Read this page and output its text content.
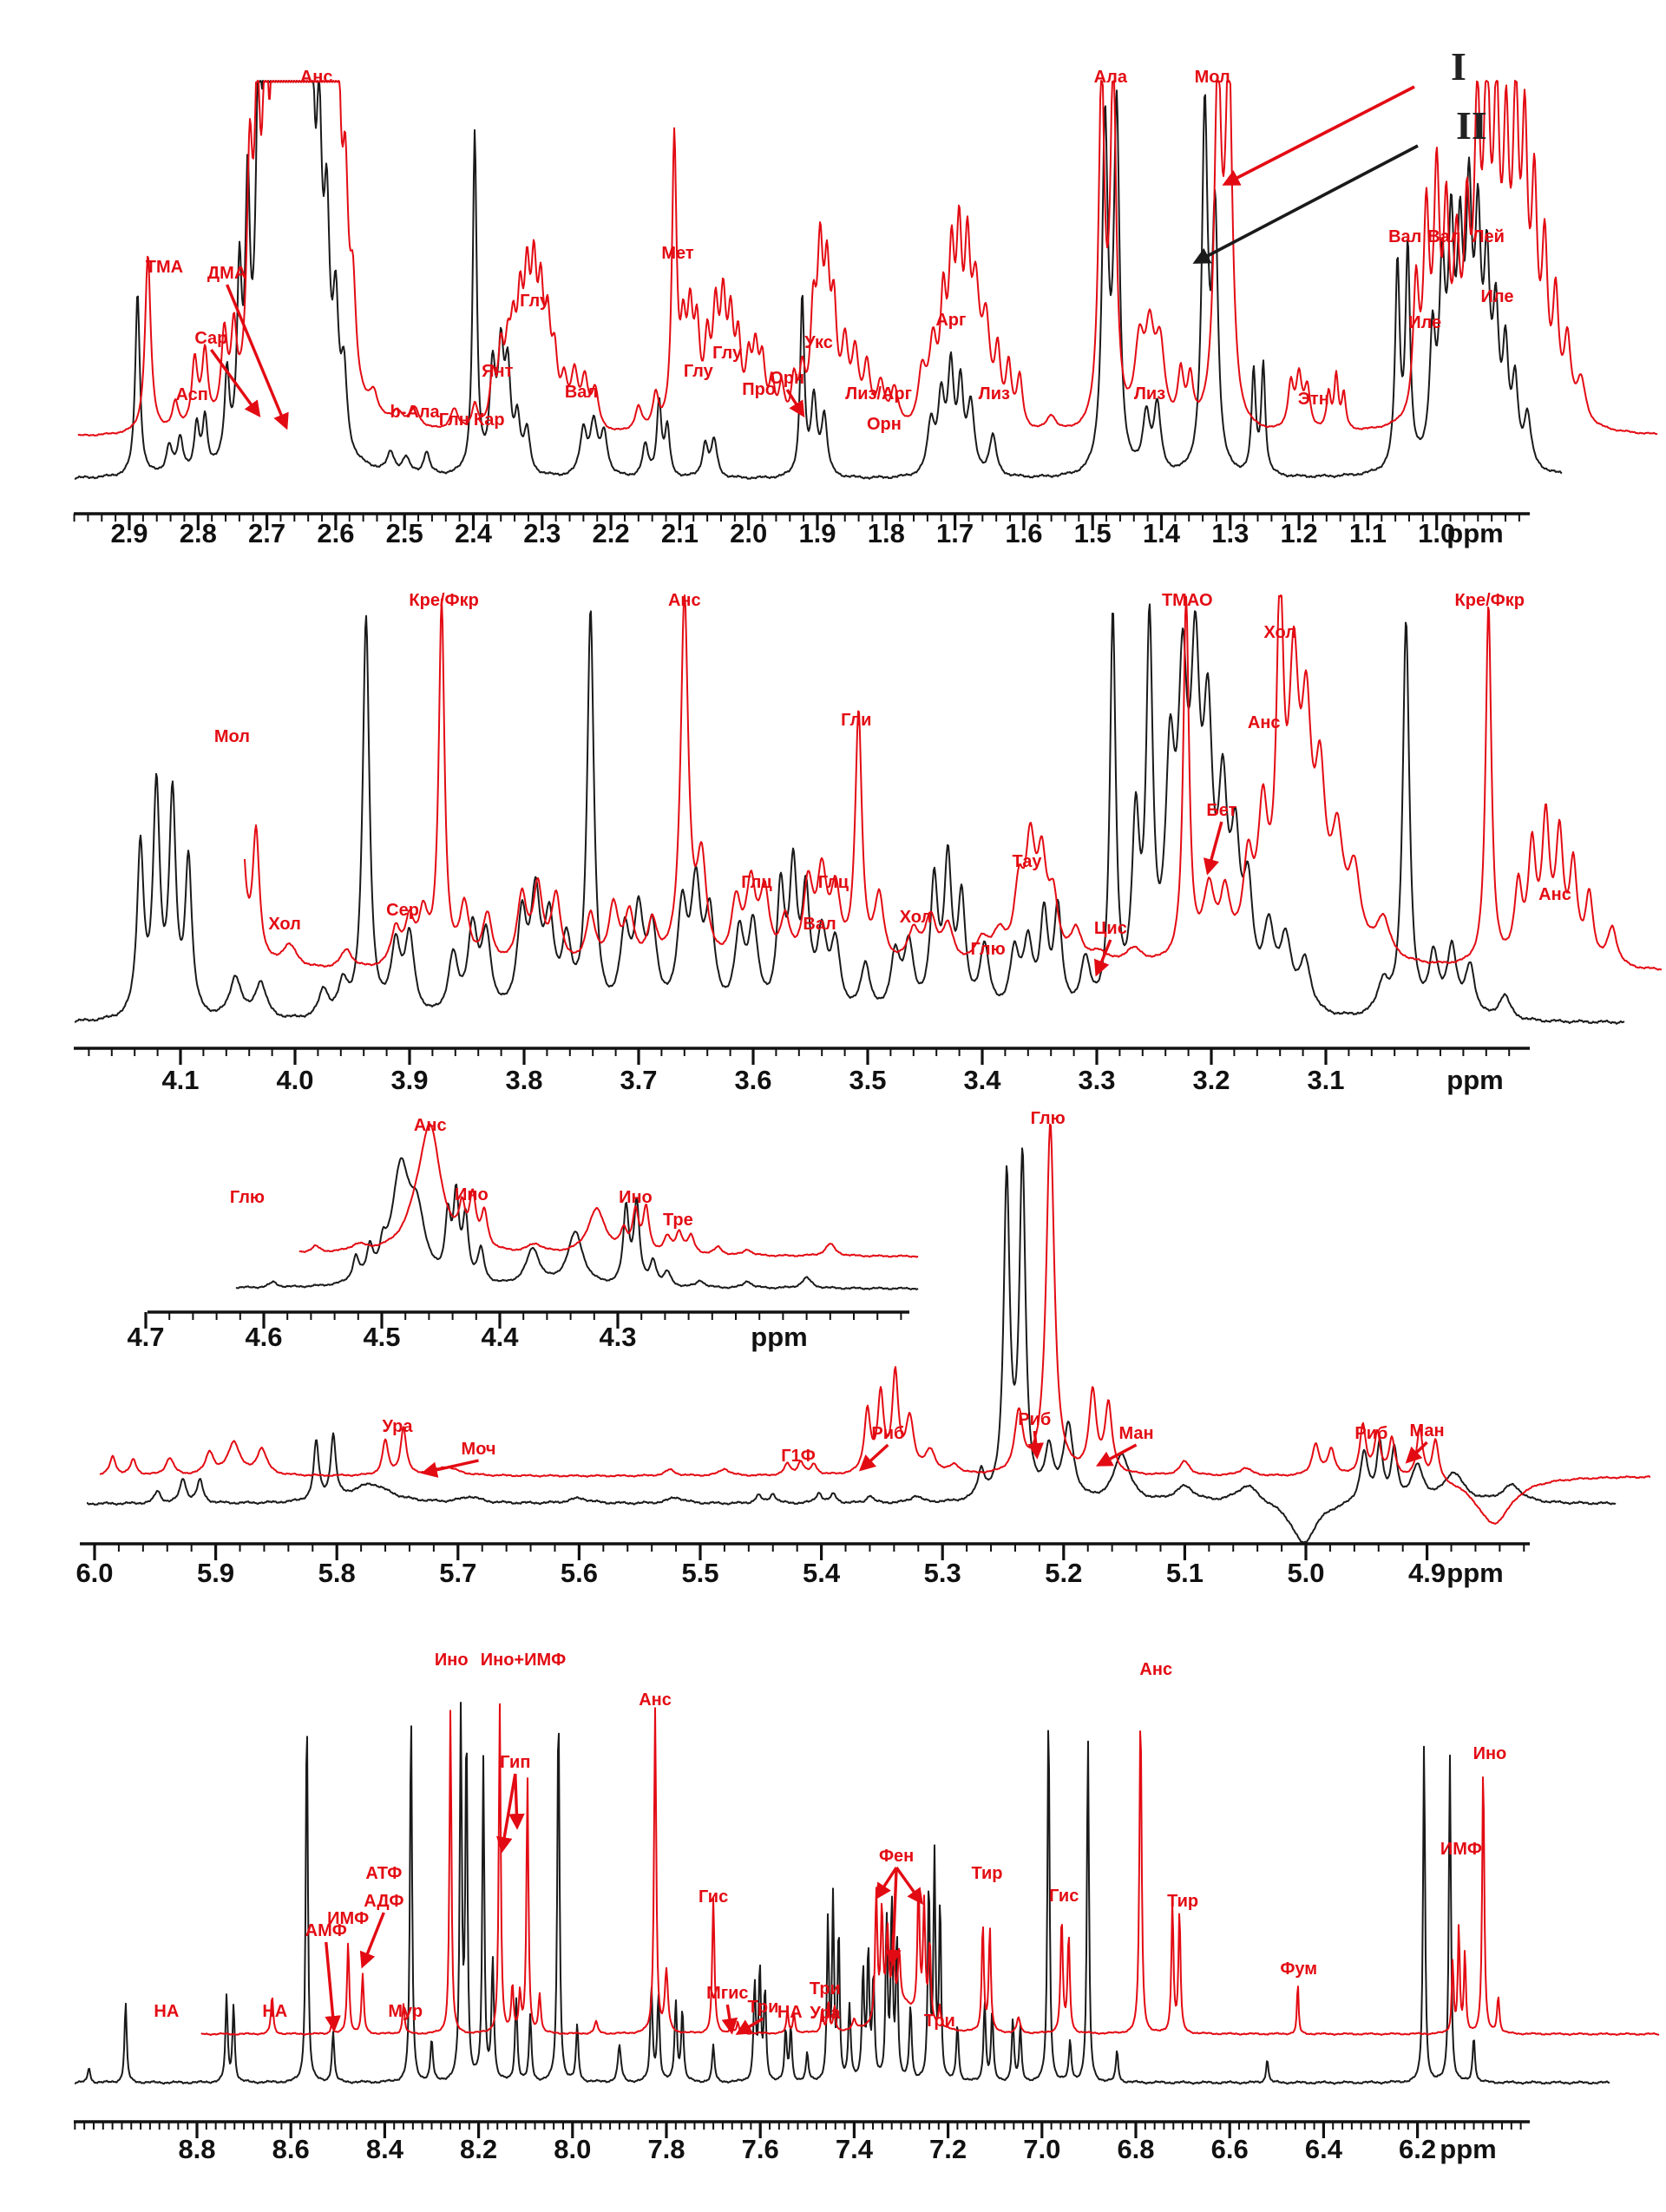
2.9 2.8 2.7 2.6 2.5 2.4 2.3 2.2 2.1 2.0 1.9 1.8 1.7 1.6 1.5 1.4 1.3 1.2 1.1 1.0
ppm
ТМА ДМА
Сар
Асп
Анс
b-Ала Глн Кар
Янт
Глу
Вал
Мет
Глу
Глу
Про
Орн
Укс
Лиз/Арг
Орн
Арг
Лиз
Ала
Лиз
Мол
Этн
Вал Вал Лей
Иле
Иле
4.1	4.0	3.9	3.8	3.7	3.6	3.5	3.4	3.3	3.2	3.1	ppm
Мол
Хол
Сер
Кре/Фкр	Анс
Глц
Вал
Глц
Гли
Хол
Глю
Тау
Цис
ТМАО
Бет
Анс
Хол
Кре/Фкр
Анс
4.7	4.6	4.5	4.4	4.3	ppm
Глю
Анс
Ино	Ино
Тре
6.0	5.9	5.8	5.7	5.6	5.5	5.4	5.3	5.2	5.1	5.0	4.9 ppm
Ура
Моч	Г1Ф
Риб
Глю
Риб
Ман	Риб Ман
8.8 8.6 8.4 8.2 8.0 7.8 7.6 7.4 7.2 7.0 6.8 6.6 6.4 6.2 ppm
НА	НА
АМФ
ИМФ
АТФ
АДФ
Мур
Ино Ино+ИМФ
Гип
Анс
Гис
Мгис
Три
НА
Три
Ура
Фен
Три
Тир
Гис
Анс
Тир
Фум
ИМФ
Ино
I
II
